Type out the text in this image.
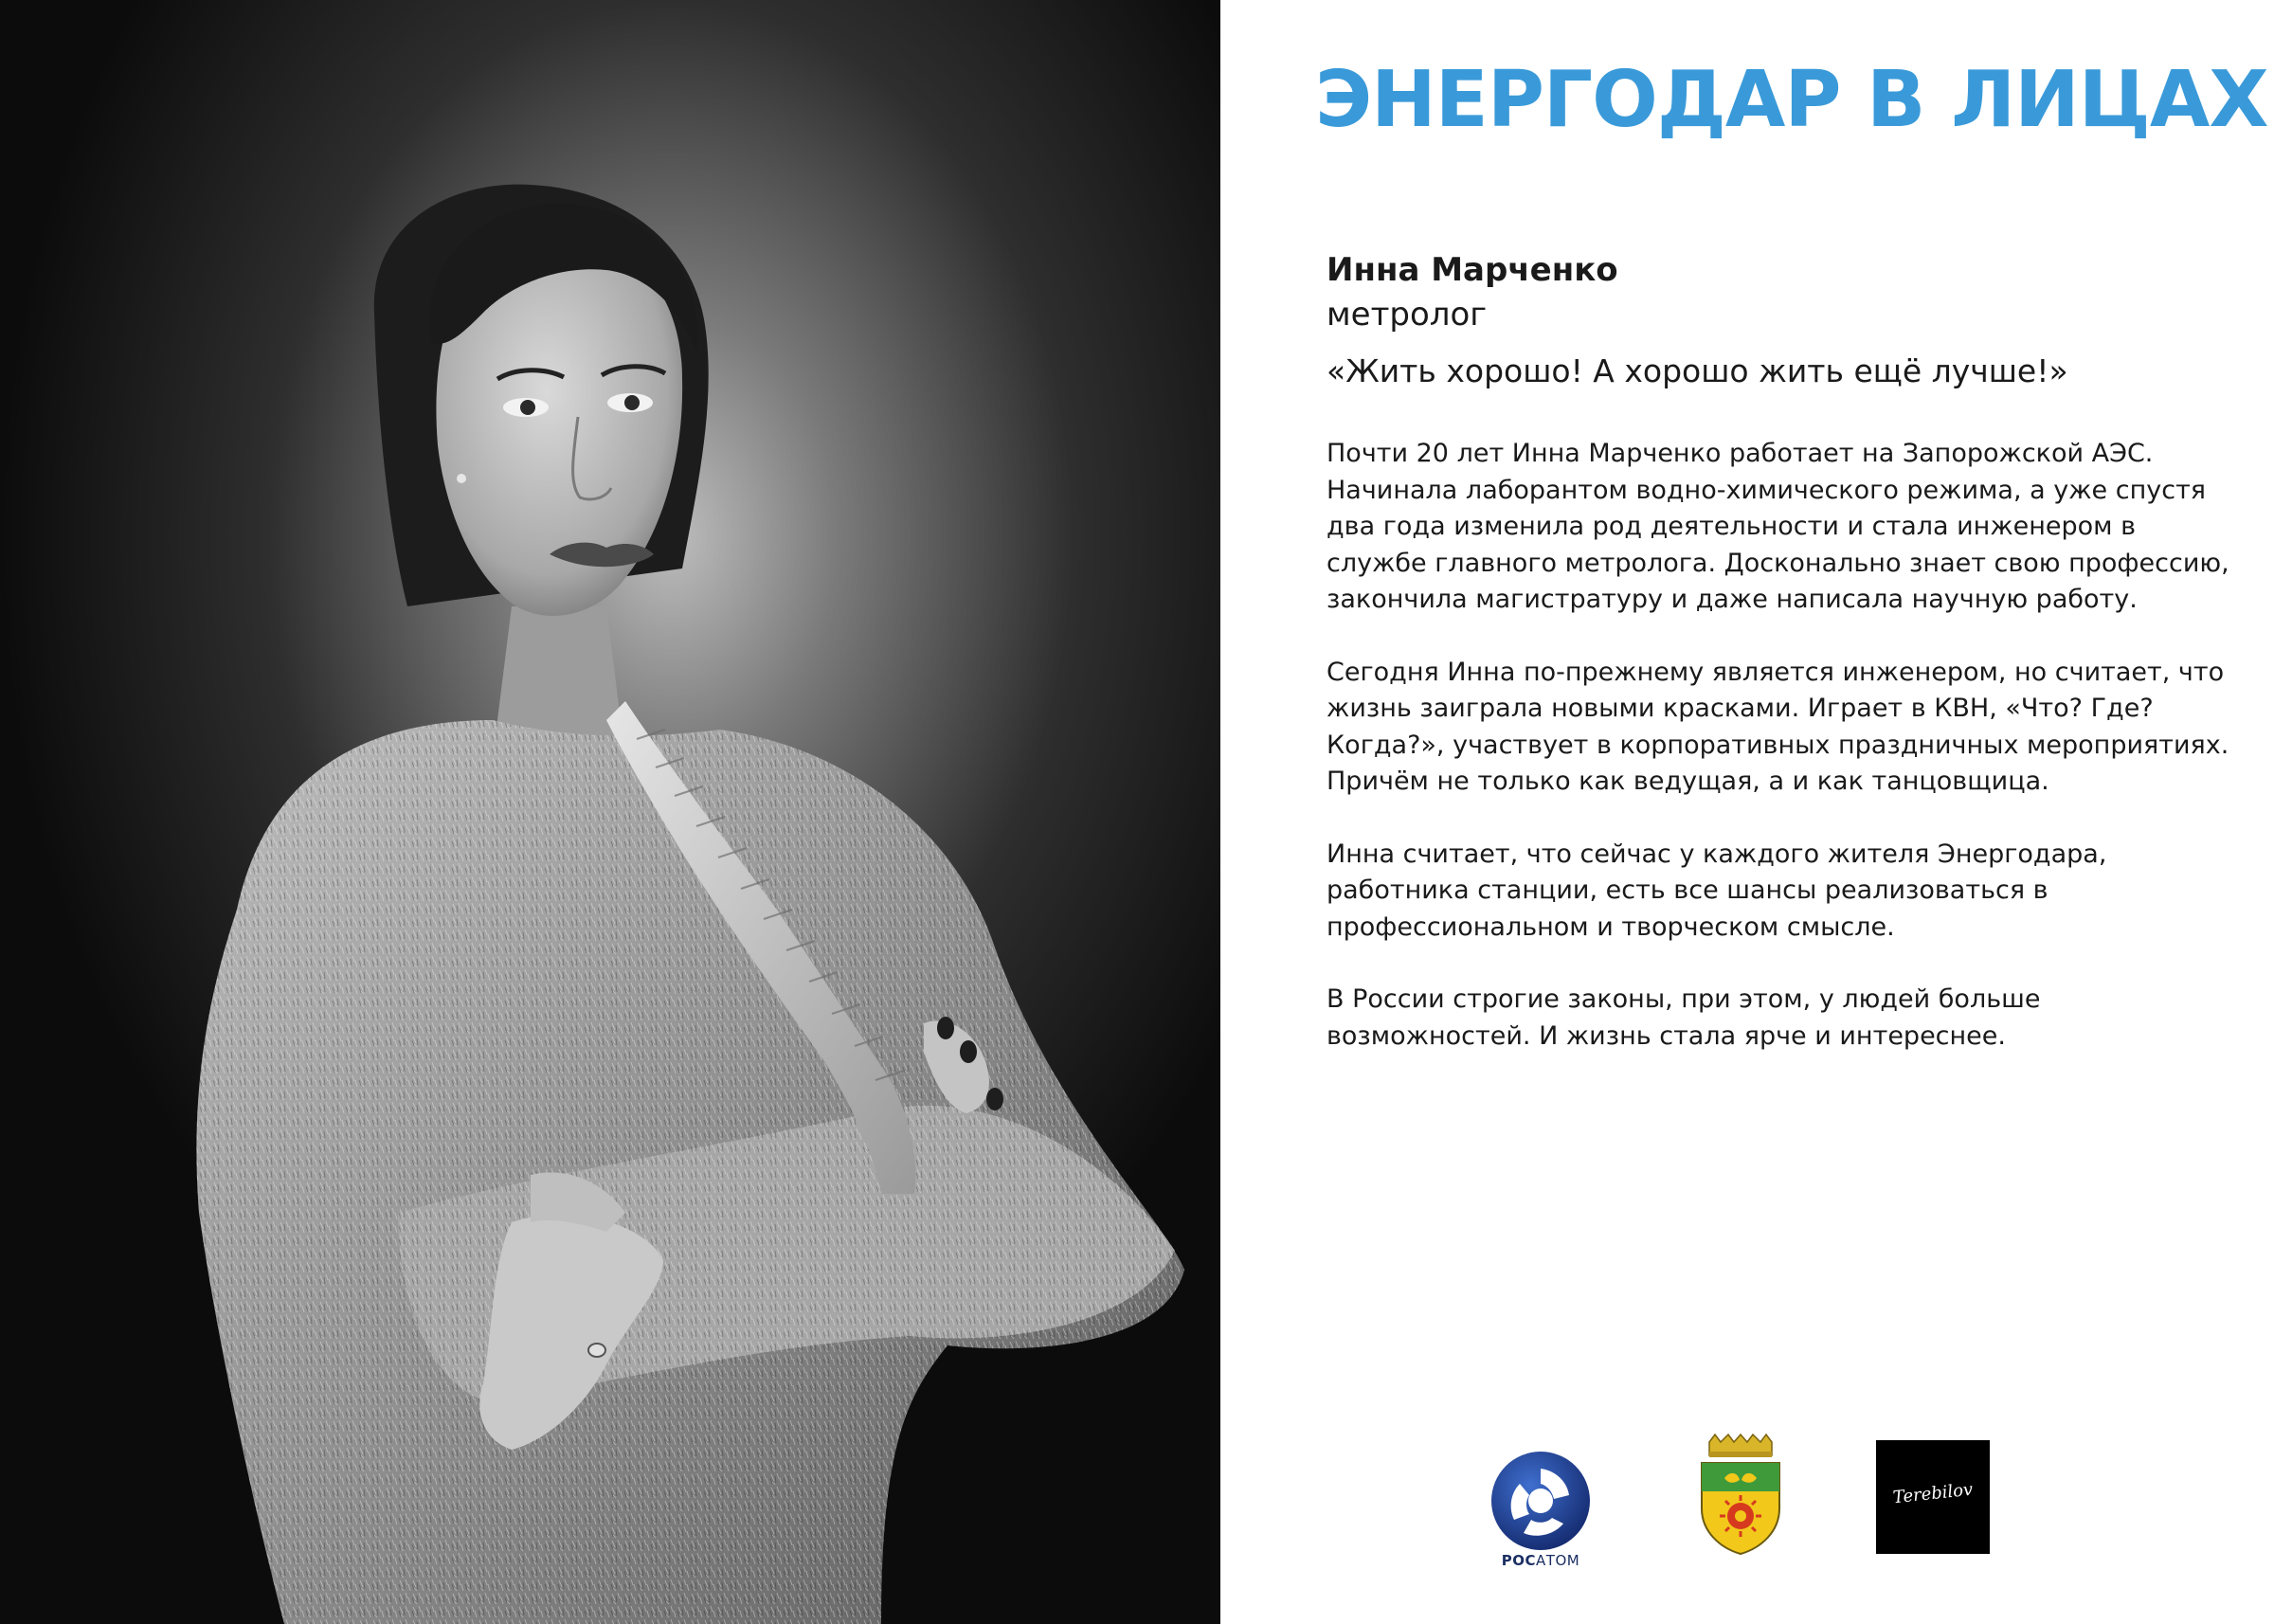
ЭНЕРГОДАР В ЛИЦАХ

Инна Марченко

метролог

«Жить хорошо! А хорошо жить ещё лучше!»

Почти 20 лет Инна Марченко работает на Запорожской АЭС.
Начинала лаборантом водно-химического режима, а уже спустя
два года изменила род деятельности и стала инженером в
службе главного метролога. Досконально знает свою профессию,
закончила магистратуру и даже написала научную работу.

Сегодня Инна по-прежнему является инженером, но считает, что
жизнь заиграла новыми красками. Играет в КВН, «Что? Где?
Когда?», участвует в корпоративных праздничных мероприятиях.
Причём не только как ведущая, а и как танцовщица.

Инна считает, что сейчас у каждого жителя Энергодара,
работника станции, есть все шансы реализоваться в
профессиональном и творческом смысле.

В России строгие законы, при этом, у людей больше
возможностей. И жизнь стала ярче и интереснее.

РОСАТОМ
Terebilov
